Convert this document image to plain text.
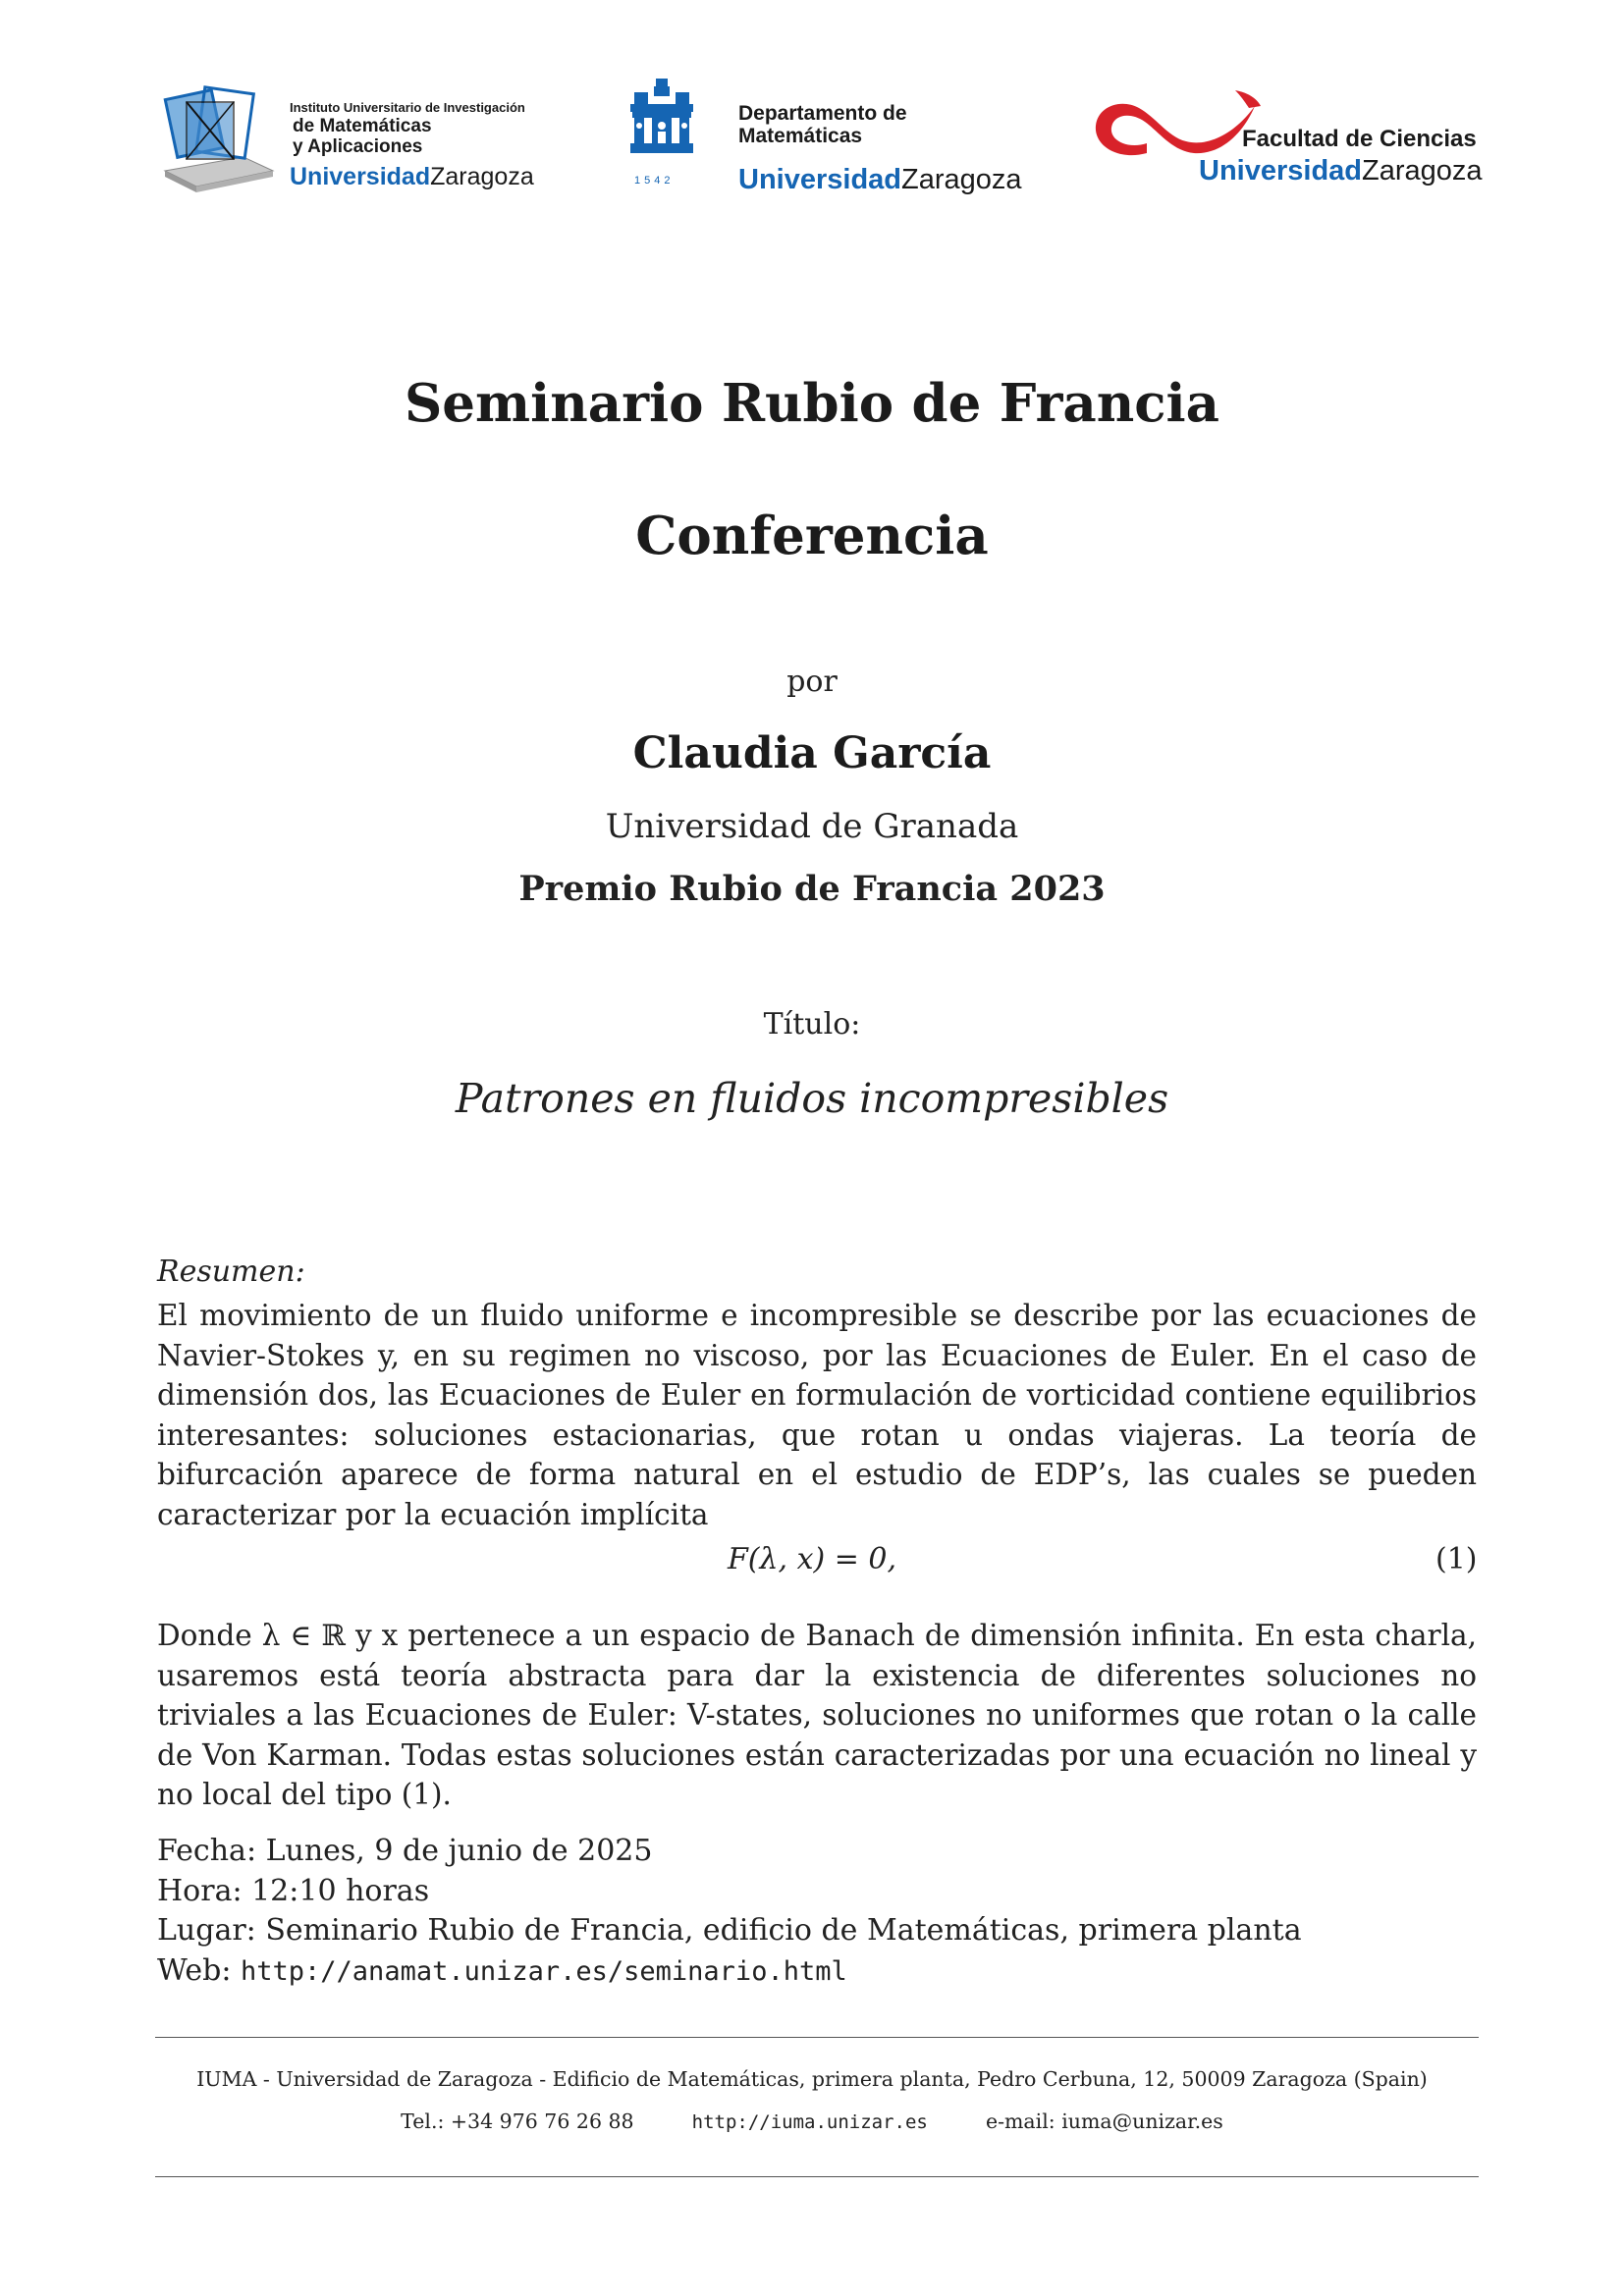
Instituto Universitario de Investigación
de Matemáticas
y Aplicaciones
UniversidadZaragoza	1542
Departamento de
Matemáticas
UniversidadZaragoza
Facultad de Ciencias
UniversidadZaragoza
Seminario Rubio de Francia
Conferencia
por
Claudia García
Universidad de Granada
Premio Rubio de Francia 2023
Título:
Patrones en fluidos incompresibles
Resumen:
El movimiento de un fluido uniforme e incompresible se describe por las ecuaciones de Navier-Stokes y, en su regimen no viscoso, por las Ecuaciones de Euler. En el caso de dimensión dos, las Ecuaciones de Euler en formulación de vorticidad contiene equilibrios interesantes: soluciones estacionarias, que rotan u ondas viajeras. La teoría de bifurcación aparece de forma natural en el estudio de EDP’s, las cuales se pueden caracterizar por la ecuación implícita
F(λ, x) = 0,	(1)
Donde λ ∈ ℝ y x pertenece a un espacio de Banach de dimensión infinita. En esta charla, usaremos está teoría abstracta para dar la existencia de diferentes soluciones no triviales a las Ecuaciones de Euler: V-states, soluciones no uniformes que rotan o la calle de Von Karman. Todas estas soluciones están caracterizadas por una ecuación no lineal y no local del tipo (1).
Fecha: Lunes, 9 de junio de 2025
Hora: 12:10 horas
Lugar: Seminario Rubio de Francia, edificio de Matemáticas, primera planta
Web: http://anamat.unizar.es/seminario.html
IUMA - Universidad de Zaragoza - Edificio de Matemáticas, primera planta, Pedro Cerbuna, 12, 50009 Zaragoza (Spain)
Tel.: +34 976 76 26 88	http://iuma.unizar.es	e-mail: iuma@unizar.es
